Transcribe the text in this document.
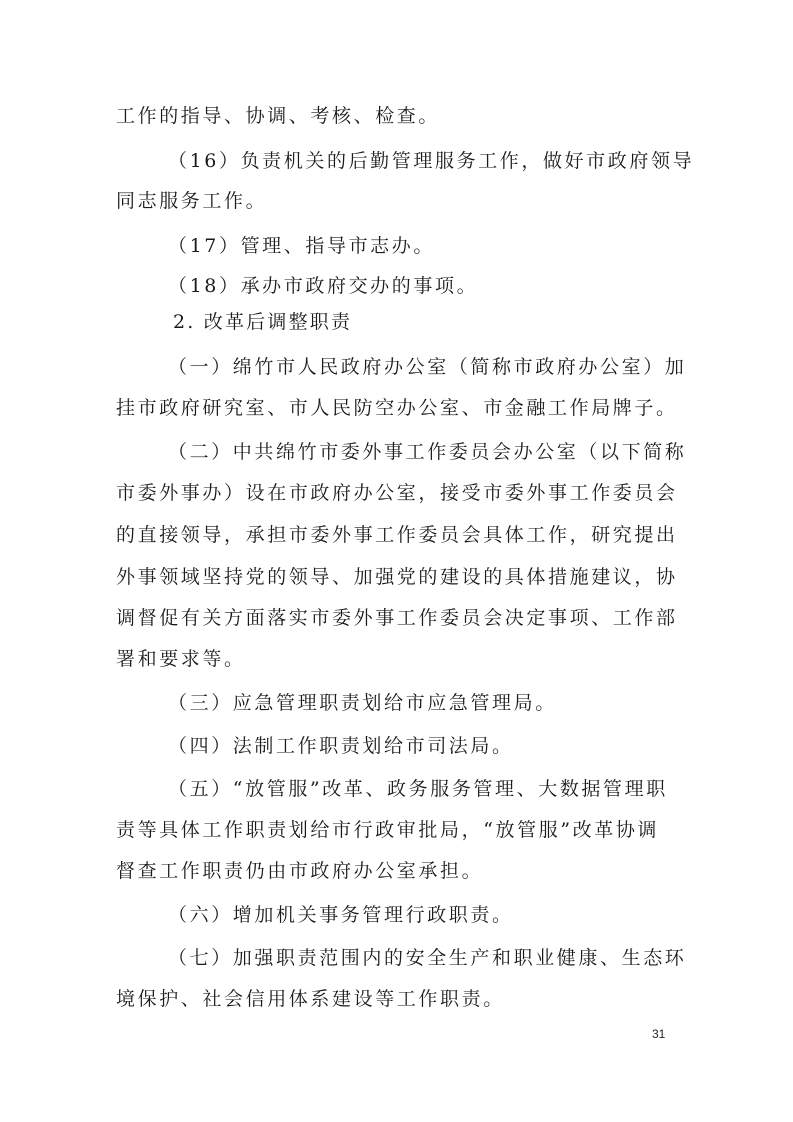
工作的指导、协调、考核、检查。
（16）负责机关的后勤管理服务工作，做好市政府领导
同志服务工作。
（17）管理、指导市志办。
（18）承办市政府交办的事项。
2. 改革后调整职责
（一）绵竹市人民政府办公室（简称市政府办公室）加
挂市政府研究室、市人民防空办公室、市金融工作局牌子。
（二）中共绵竹市委外事工作委员会办公室（以下简称
市委外事办）设在市政府办公室，接受市委外事工作委员会
的直接领导，承担市委外事工作委员会具体工作，研究提出
外事领域坚持党的领导、加强党的建设的具体措施建议，协
调督促有关方面落实市委外事工作委员会决定事项、工作部
署和要求等。
（三）应急管理职责划给市应急管理局。
（四）法制工作职责划给市司法局。
（五）“放管服”改革、政务服务管理、大数据管理职
责等具体工作职责划给市行政审批局，“放管服”改革协调
督查工作职责仍由市政府办公室承担。
（六）增加机关事务管理行政职责。
（七）加强职责范围内的安全生产和职业健康、生态环
境保护、社会信用体系建设等工作职责。
31
